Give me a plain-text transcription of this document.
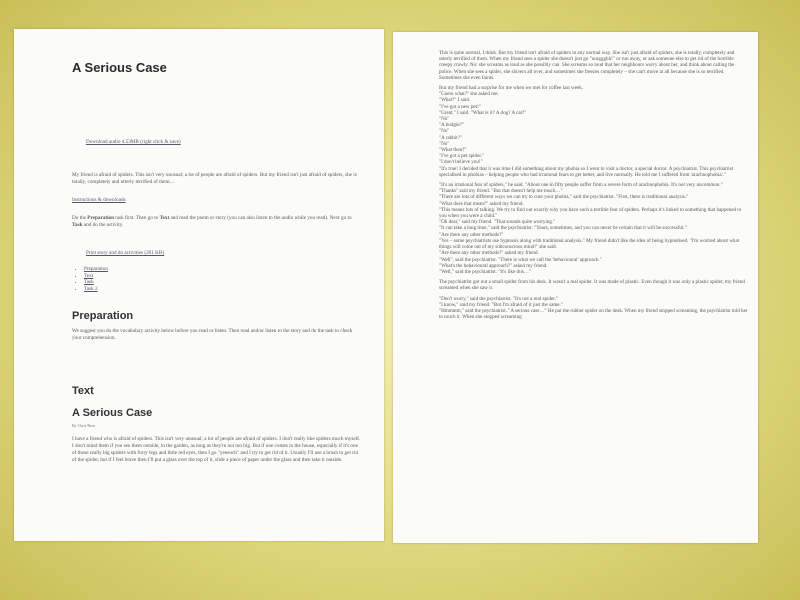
A Serious Case
Download audio 4.53MB (right click & save)
My friend is afraid of spiders. This isn't very unusual; a lot of people are afraid of spiders. But my friend isn't just afraid of spiders, she is totally, completely and utterly terrified of them…
Instructions & downloads
Do the Preparation task first. Then go to Text and read the poem or story (you can also listen to the audio while you read). Next go to Task and do the activity.
Print story and do activities (201 KB)
• Preparation
• Text
• Task
• Task 2
Preparation
We suggest you do the vocabulary activity below before you read or listen. Then read and/or listen to the story and do the task to check your comprehension.
Text
A Serious Case
By Chris Rose
I have a friend who is afraid of spiders. This isn't very unusual; a lot of people are afraid of spiders. I don't really like spiders much myself. I don't mind them if you see them outside, in the garden, as long as they're not too big. But if one comes in the house, especially if it's one of those really big spiders with furry legs and little red eyes, then I go "yeeeuch" and I try to get rid of it. Usually I'll use a brush to get rid of the spider, but if I feel brave then I'll put a glass over the top of it, slide a piece of paper under the glass and then take it outside.

This is quite normal, I think. But my friend isn't afraid of spiders in any normal way. She isn't just afraid of spiders, she is totally, completely and utterly terrified of them. When my friend sees a spider she doesn't just go "uurggghh!" or run away, or ask someone else to get rid of the horrible creepy crawly. No: she screams as loud as she possibly can. She screams so loud that her neighbours worry about her, and think about calling the police. When she sees a spider, she shivers all over, and sometimes she freezes completely – she can't move at all because she is so terrified. Sometimes she even faints.

But my friend had a surprise for me when we met for coffee last week.

"Guess what?" she asked me.
"What?" I said.
"I've got a new pet!"
"Great," I said. "What is it? A dog? A cat?"
"No"
"A budgie?"
"No"
"A rabbit?"
"No"
"What then?"
"I've got a pet spider."
"I don't believe you!"
"It's true! I decided that it was time I did something about my phobia so I went to visit a doctor, a special doctor. A psychiatrist. This psychiatrist specialised in phobias – helping people who had irrational fears to get better, and live normally. He told me I suffered from 'arachnophobia'."
"It's an irrational fear of spiders," he said. "About one in fifty people suffer from a severe form of arachnophobia. It's not very uncommon."
"Thanks" said my friend. "But that doesn't help me much…"
"There are lots of different ways we can try to cure your phobia," said the psychiatrist. "First, there is traditional analysis."
"What does that mean?" asked my friend.
"This means lots of talking. We try to find out exactly why you have such a terrible fear of spiders. Perhaps it's linked to something that happened to you when you were a child."
"Oh dear," said my friend. "That sounds quite worrying."
"It can take a long time," said the psychiatrist. "Years, sometimes, and you can never be certain that it will be successful."
"Are there any other methods?"
"Yes – some psychiatrists use hypnosis along with traditional analysis." My friend didn't like the idea of being hypnotised. "I'm worried about what things will come out of my subconscious mind!" she said.
"Are there any other methods?" asked my friend.
"Well", said the psychiatrist. "There is what we call the 'behavioural' approach."
"What's the behavioural approach?" asked my friend.
"Well," said the psychiatrist. "It's like this…"

The psychiatrist got out a small spider from his desk. It wasn't a real spider. It was made of plastic. Even though it was only a plastic spider, my friend screamed when she saw it.

"Don't worry," said the psychiatrist. "It's not a real spider."
"I know," said my friend. "But I'm afraid of it just the same."
"Hmmmm," said the psychiatrist. "A serious case…" He put the rubber spider on the desk. When my friend stopped screaming, the psychiatrist told her to touch it. When she stopped screaming
